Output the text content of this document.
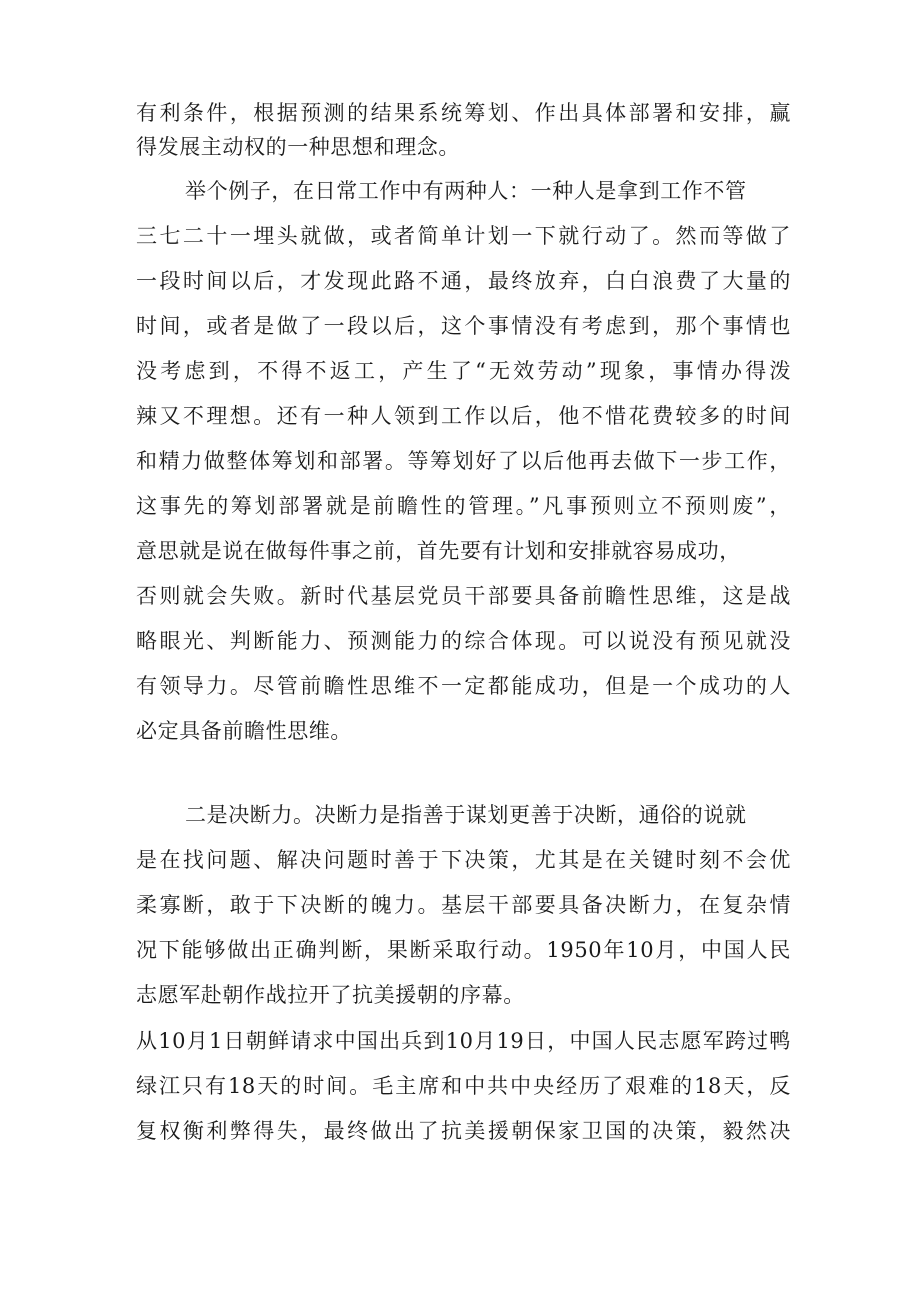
有利条件，根据预测的结果系统筹划、作出具体部署和安排，赢
得发展主动权的一种思想和理念。
举个例子，在日常工作中有两种人：一种人是拿到工作不管
三七二十一埋头就做，或者简单计划一下就行动了。然而等做了
一段时间以后，才发现此路不通，最终放弃，白白浪费了大量的
时间，或者是做了一段以后，这个事情没有考虑到，那个事情也
没考虑到，不得不返工，产生了“无效劳动”现象，事情办得泼
辣又不理想。还有一种人领到工作以后，他不惜花费较多的时间
和精力做整体筹划和部署。等筹划好了以后他再去做下一步工作，
这事先的筹划部署就是前瞻性的管理。”凡事预则立不预则废”，
意思就是说在做每件事之前，首先要有计划和安排就容易成功，
否则就会失败。新时代基层党员干部要具备前瞻性思维，这是战
略眼光、判断能力、预测能力的综合体现。可以说没有预见就没
有领导力。尽管前瞻性思维不一定都能成功，但是一个成功的人
必定具备前瞻性思维。
二是决断力。决断力是指善于谋划更善于决断，通俗的说就
是在找问题、解决问题时善于下决策，尤其是在关键时刻不会优
柔寡断，敢于下决断的魄力。基层干部要具备决断力，在复杂情
况下能够做出正确判断，果断采取行动。1950年10月，中国人民
志愿军赴朝作战拉开了抗美援朝的序幕。
从10月1日朝鲜请求中国出兵到10月19日，中国人民志愿军跨过鸭
绿江只有18天的时间。毛主席和中共中央经历了艰难的18天，反
复权衡利弊得失，最终做出了抗美援朝保家卫国的决策，毅然决
